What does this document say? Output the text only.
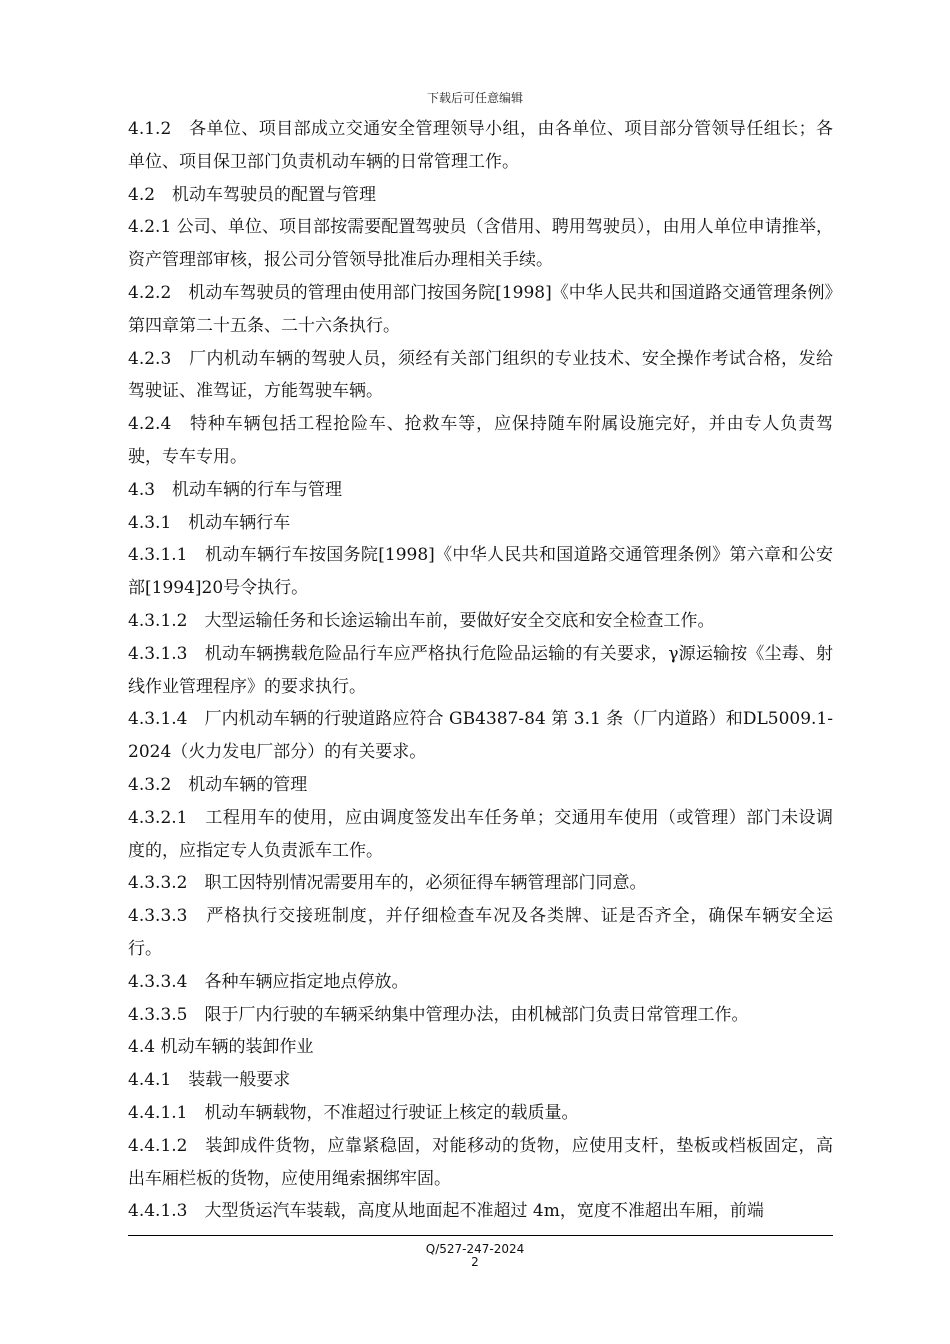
下载后可任意编辑

4.1.2　各单位、项目部成立交通安全管理领导小组，由各单位、项目部分管领导任组长；各单位、项目保卫部门负责机动车辆的日常管理工作。

4.2　机动车驾驶员的配置与管理

4.2.1 公司、单位、项目部按需要配置驾驶员（含借用、聘用驾驶员），由用人单位申请推举，资产管理部审核，报公司分管领导批准后办理相关手续。

4.2.2　机动车驾驶员的管理由使用部门按国务院[1998]《中华人民共和国道路交通管理条例》第四章第二十五条、二十六条执行。

4.2.3　厂内机动车辆的驾驶人员，须经有关部门组织的专业技术、安全操作考试合格，发给驾驶证、准驾证，方能驾驶车辆。

4.2.4　特种车辆包括工程抢险车、抢救车等，应保持随车附属设施完好，并由专人负责驾驶，专车专用。

4.3　机动车辆的行车与管理

4.3.1　机动车辆行车

4.3.1.1　机动车辆行车按国务院[1998]《中华人民共和国道路交通管理条例》第六章和公安部[1994]20号令执行。

4.3.1.2　大型运输任务和长途运输出车前，要做好安全交底和安全检查工作。

4.3.1.3　机动车辆携载危险品行车应严格执行危险品运输的有关要求，γ源运输按《尘毒、射线作业管理程序》的要求执行。

4.3.1.4　厂内机动车辆的行驶道路应符合 GB4387-84 第 3.1 条（厂内道路）和DL5009.1-2024（火力发电厂部分）的有关要求。

4.3.2　机动车辆的管理

4.3.2.1　工程用车的使用，应由调度签发出车任务单；交通用车使用（或管理）部门未设调度的，应指定专人负责派车工作。

4.3.3.2　职工因特别情况需要用车的，必须征得车辆管理部门同意。

4.3.3.3　严格执行交接班制度，并仔细检查车况及各类牌、证是否齐全，确保车辆安全运行。

4.3.3.4　各种车辆应指定地点停放。

4.3.3.5　限于厂内行驶的车辆采纳集中管理办法，由机械部门负责日常管理工作。

4.4 机动车辆的装卸作业

4.4.1　装载一般要求

4.4.1.1　机动车辆载物，不准超过行驶证上核定的载质量。

4.4.1.2　装卸成件货物，应靠紧稳固，对能移动的货物，应使用支杆，垫板或档板固定，高出车厢栏板的货物，应使用绳索捆绑牢固。

4.4.1.3　大型货运汽车装载，高度从地面起不准超过 4m，宽度不准超出车厢，前端

Q/527-247-2024
2
